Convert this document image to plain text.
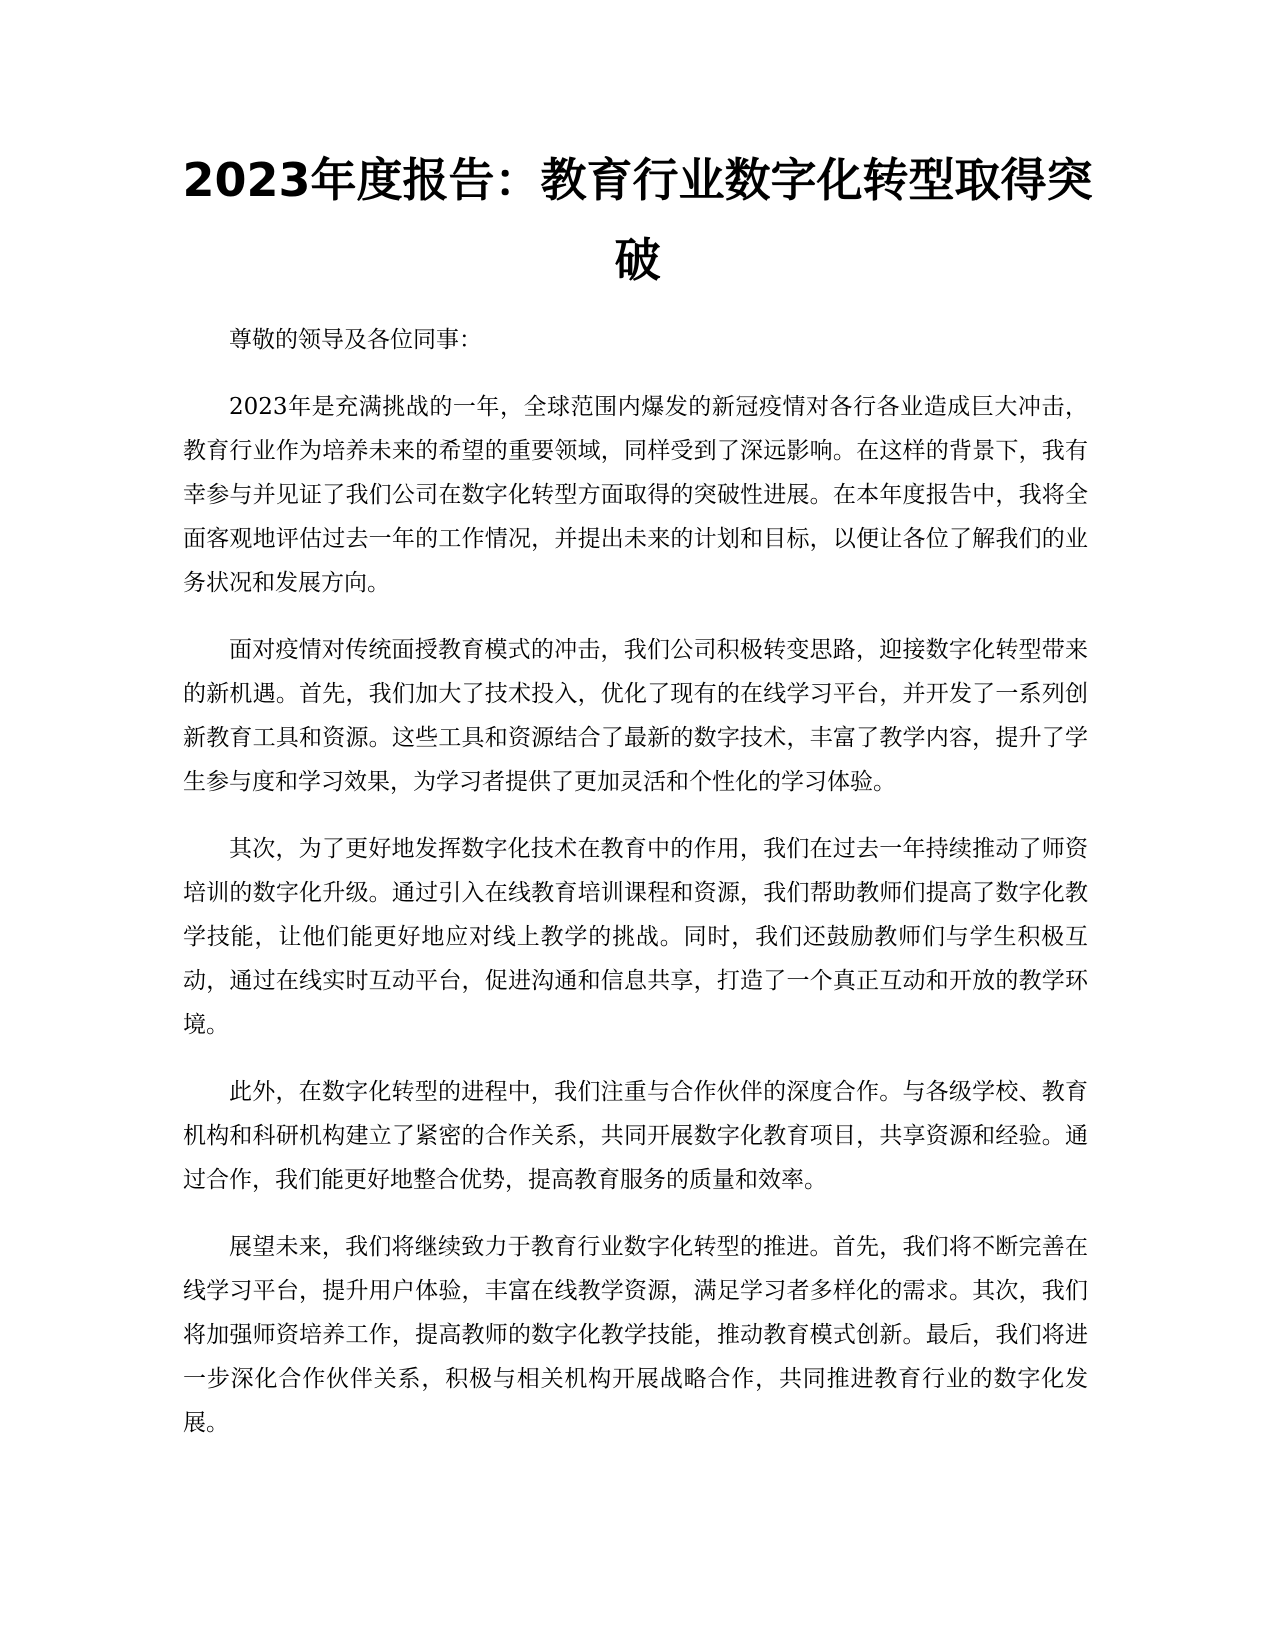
2023年度报告：教育行业数字化转型取得突破

尊敬的领导及各位同事：

2023年是充满挑战的一年，全球范围内爆发的新冠疫情对各行各业造成巨大冲击，教育行业作为培养未来的希望的重要领域，同样受到了深远影响。在这样的背景下，我有幸参与并见证了我们公司在数字化转型方面取得的突破性进展。在本年度报告中，我将全面客观地评估过去一年的工作情况，并提出未来的计划和目标，以便让各位了解我们的业务状况和发展方向。

面对疫情对传统面授教育模式的冲击，我们公司积极转变思路，迎接数字化转型带来的新机遇。首先，我们加大了技术投入，优化了现有的在线学习平台，并开发了一系列创新教育工具和资源。这些工具和资源结合了最新的数字技术，丰富了教学内容，提升了学生参与度和学习效果，为学习者提供了更加灵活和个性化的学习体验。

其次，为了更好地发挥数字化技术在教育中的作用，我们在过去一年持续推动了师资培训的数字化升级。通过引入在线教育培训课程和资源，我们帮助教师们提高了数字化教学技能，让他们能更好地应对线上教学的挑战。同时，我们还鼓励教师们与学生积极互动，通过在线实时互动平台，促进沟通和信息共享，打造了一个真正互动和开放的教学环境。

此外，在数字化转型的进程中，我们注重与合作伙伴的深度合作。与各级学校、教育机构和科研机构建立了紧密的合作关系，共同开展数字化教育项目，共享资源和经验。通过合作，我们能更好地整合优势，提高教育服务的质量和效率。

展望未来，我们将继续致力于教育行业数字化转型的推进。首先，我们将不断完善在线学习平台，提升用户体验，丰富在线教学资源，满足学习者多样化的需求。其次，我们将加强师资培养工作，提高教师的数字化教学技能，推动教育模式创新。最后，我们将进一步深化合作伙伴关系，积极与相关机构开展战略合作，共同推进教育行业的数字化发展。
